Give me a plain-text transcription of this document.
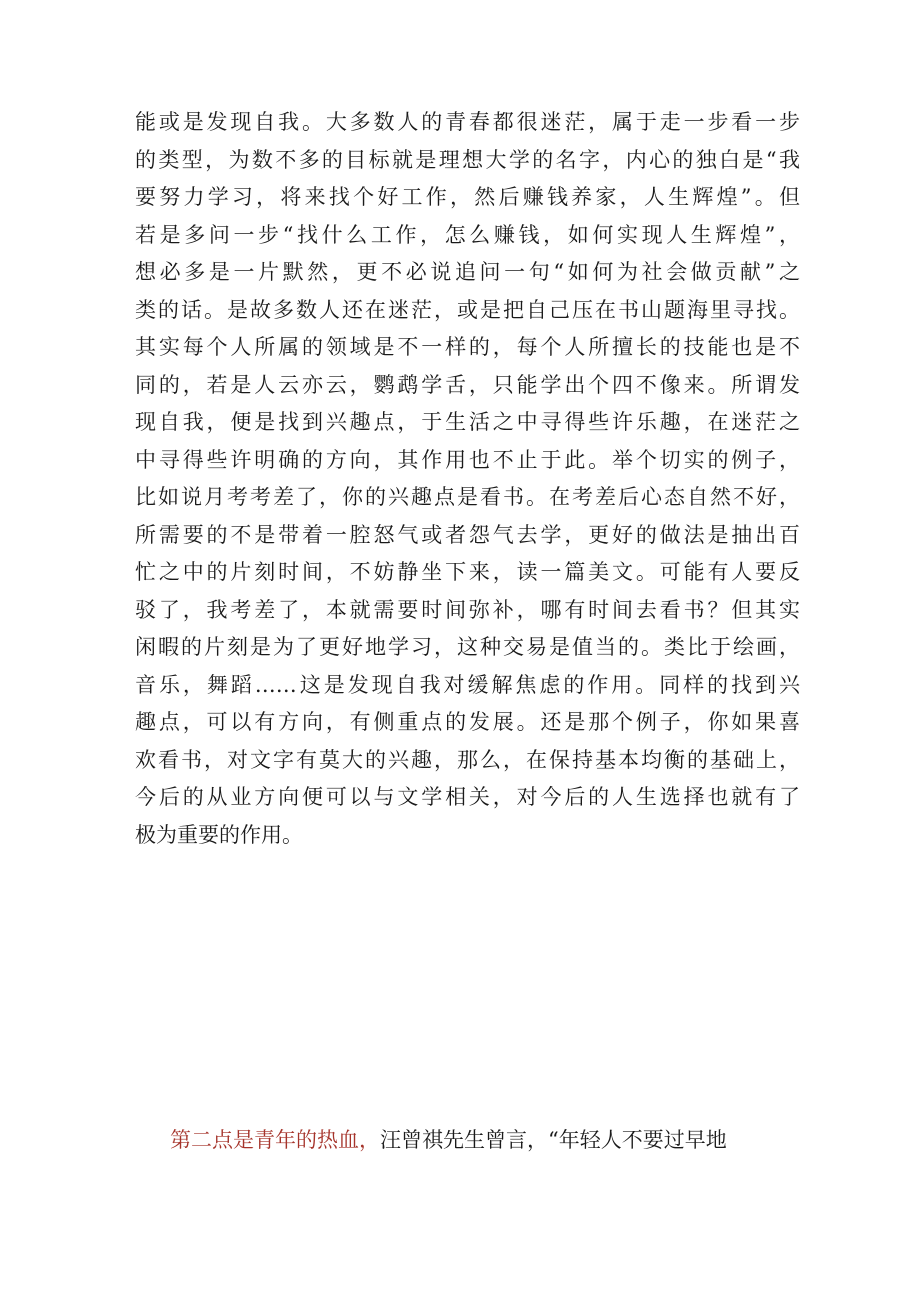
能或是发现自我。大多数人的青春都很迷茫，属于走一步看一步
的类型，为数不多的目标就是理想大学的名字，内心的独白是“我
要努力学习，将来找个好工作，然后赚钱养家，人生辉煌”。但
若是多问一步“找什么工作，怎么赚钱，如何实现人生辉煌”，
想必多是一片默然，更不必说追问一句“如何为社会做贡献”之
类的话。是故多数人还在迷茫，或是把自己压在书山题海里寻找。
其实每个人所属的领域是不一样的，每个人所擅长的技能也是不
同的，若是人云亦云，鹦鹉学舌，只能学出个四不像来。所谓发
现自我，便是找到兴趣点，于生活之中寻得些许乐趣，在迷茫之
中寻得些许明确的方向，其作用也不止于此。举个切实的例子，
比如说月考考差了，你的兴趣点是看书。在考差后心态自然不好，
所需要的不是带着一腔怒气或者怨气去学，更好的做法是抽出百
忙之中的片刻时间，不妨静坐下来，读一篇美文。可能有人要反
驳了，我考差了，本就需要时间弥补，哪有时间去看书？但其实
闲暇的片刻是为了更好地学习，这种交易是值当的。类比于绘画，
音乐，舞蹈……这是发现自我对缓解焦虑的作用。同样的找到兴
趣点，可以有方向，有侧重点的发展。还是那个例子，你如果喜
欢看书，对文字有莫大的兴趣，那么，在保持基本均衡的基础上，
今后的从业方向便可以与文学相关，对今后的人生选择也就有了
极为重要的作用。

第二点是青年的热血，汪曾祺先生曾言，“年轻人不要过早地
